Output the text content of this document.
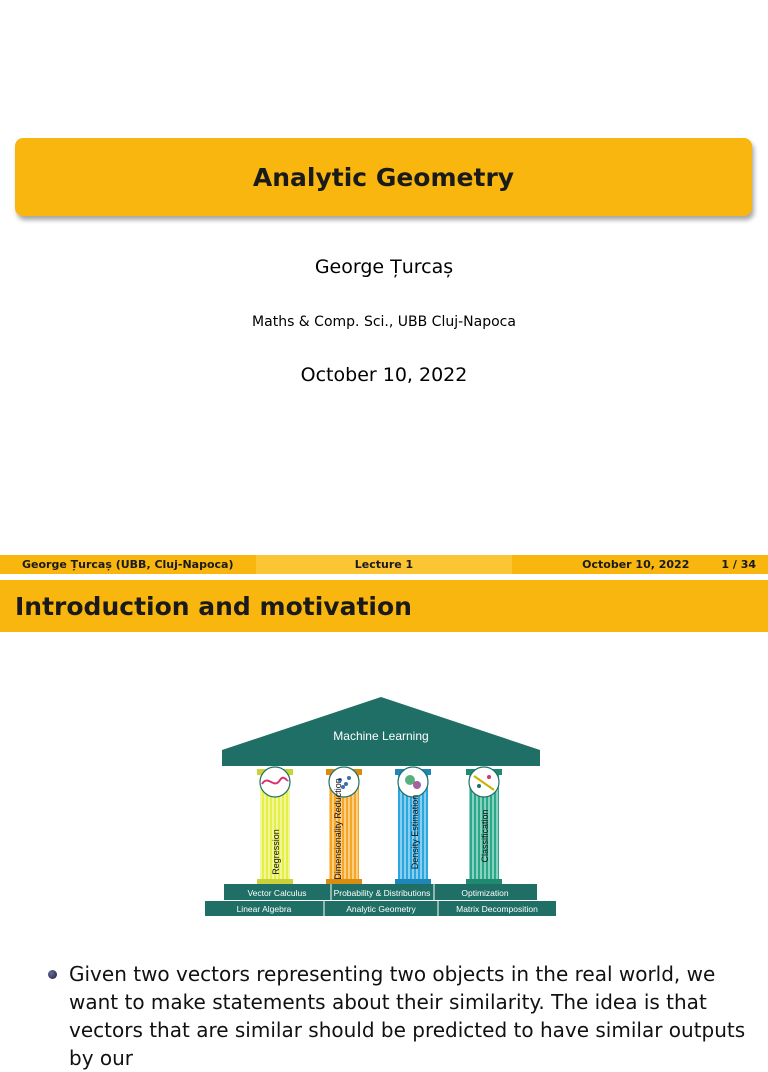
Analytic Geometry
George Țurcaș
Maths & Comp. Sci., UBB Cluj-Napoca
October 10, 2022
George Țurcaș (UBB, Cluj-Napoca)	Lecture 1	October 10, 2022	1 / 34
Introduction and motivation
Machine Learning
Regression	Dimensionality Reduction	Density Estimation	Classification
Vector Calculus	Probability & Distributions	Optimization
Linear Algebra	Analytic Geometry	Matrix Decomposition
Given two vectors representing two objects in the real world, we want to make statements about their similarity. The idea is that vectors that are similar should be predicted to have similar outputs by our
